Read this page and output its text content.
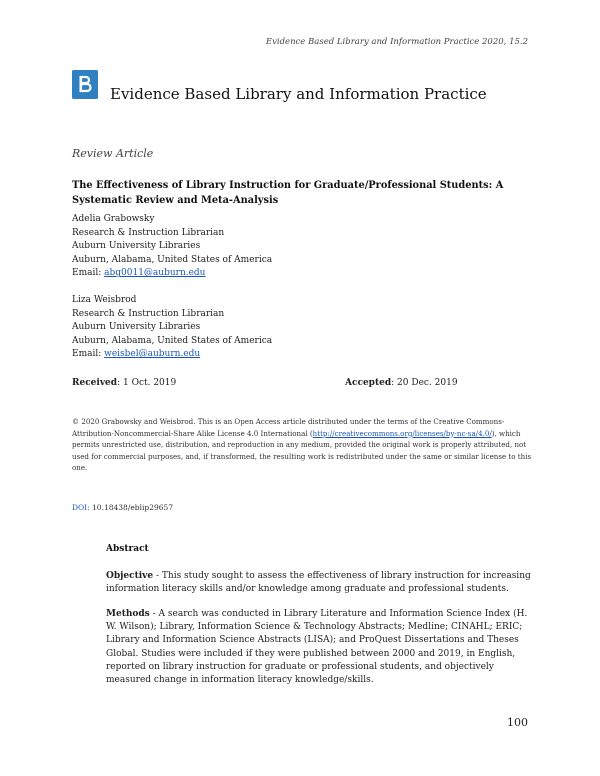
Evidence Based Library and Information Practice 2020, 15.2
Evidence Based Library and Information Practice
Review Article
The Effectiveness of Library Instruction for Graduate/Professional Students: A Systematic Review and Meta-Analysis
Adelia Grabowsky
Research & Instruction Librarian
Auburn University Libraries
Auburn, Alabama, United States of America
Email: abg0011@auburn.edu
Liza Weisbrod
Research & Instruction Librarian
Auburn University Libraries
Auburn, Alabama, United States of America
Email: weisbel@auburn.edu
Received: 1 Oct. 2019	Accepted: 20 Dec. 2019
© 2020 Grabowsky and Weisbrod. This is an Open Access article distributed under the terms of the Creative Commons‐Attribution‐Noncommercial‐Share Alike License 4.0 International (http://creativecommons.org/licenses/by-nc-sa/4.0/), which permits unrestricted use, distribution, and reproduction in any medium, provided the original work is properly attributed, not used for commercial purposes, and, if transformed, the resulting work is redistributed under the same or similar license to this one.
DOI: 10.18438/eblip29657
Abstract
Objective - This study sought to assess the effectiveness of library instruction for increasing information literacy skills and/or knowledge among graduate and professional students.
Methods - A search was conducted in Library Literature and Information Science Index (H. W. Wilson); Library, Information Science & Technology Abstracts; Medline; CINAHL; ERIC; Library and Information Science Abstracts (LISA); and ProQuest Dissertations and Theses Global. Studies were included if they were published between 2000 and 2019, in English, reported on library instruction for graduate or professional students, and objectively measured change in information literacy knowledge/skills.
100
